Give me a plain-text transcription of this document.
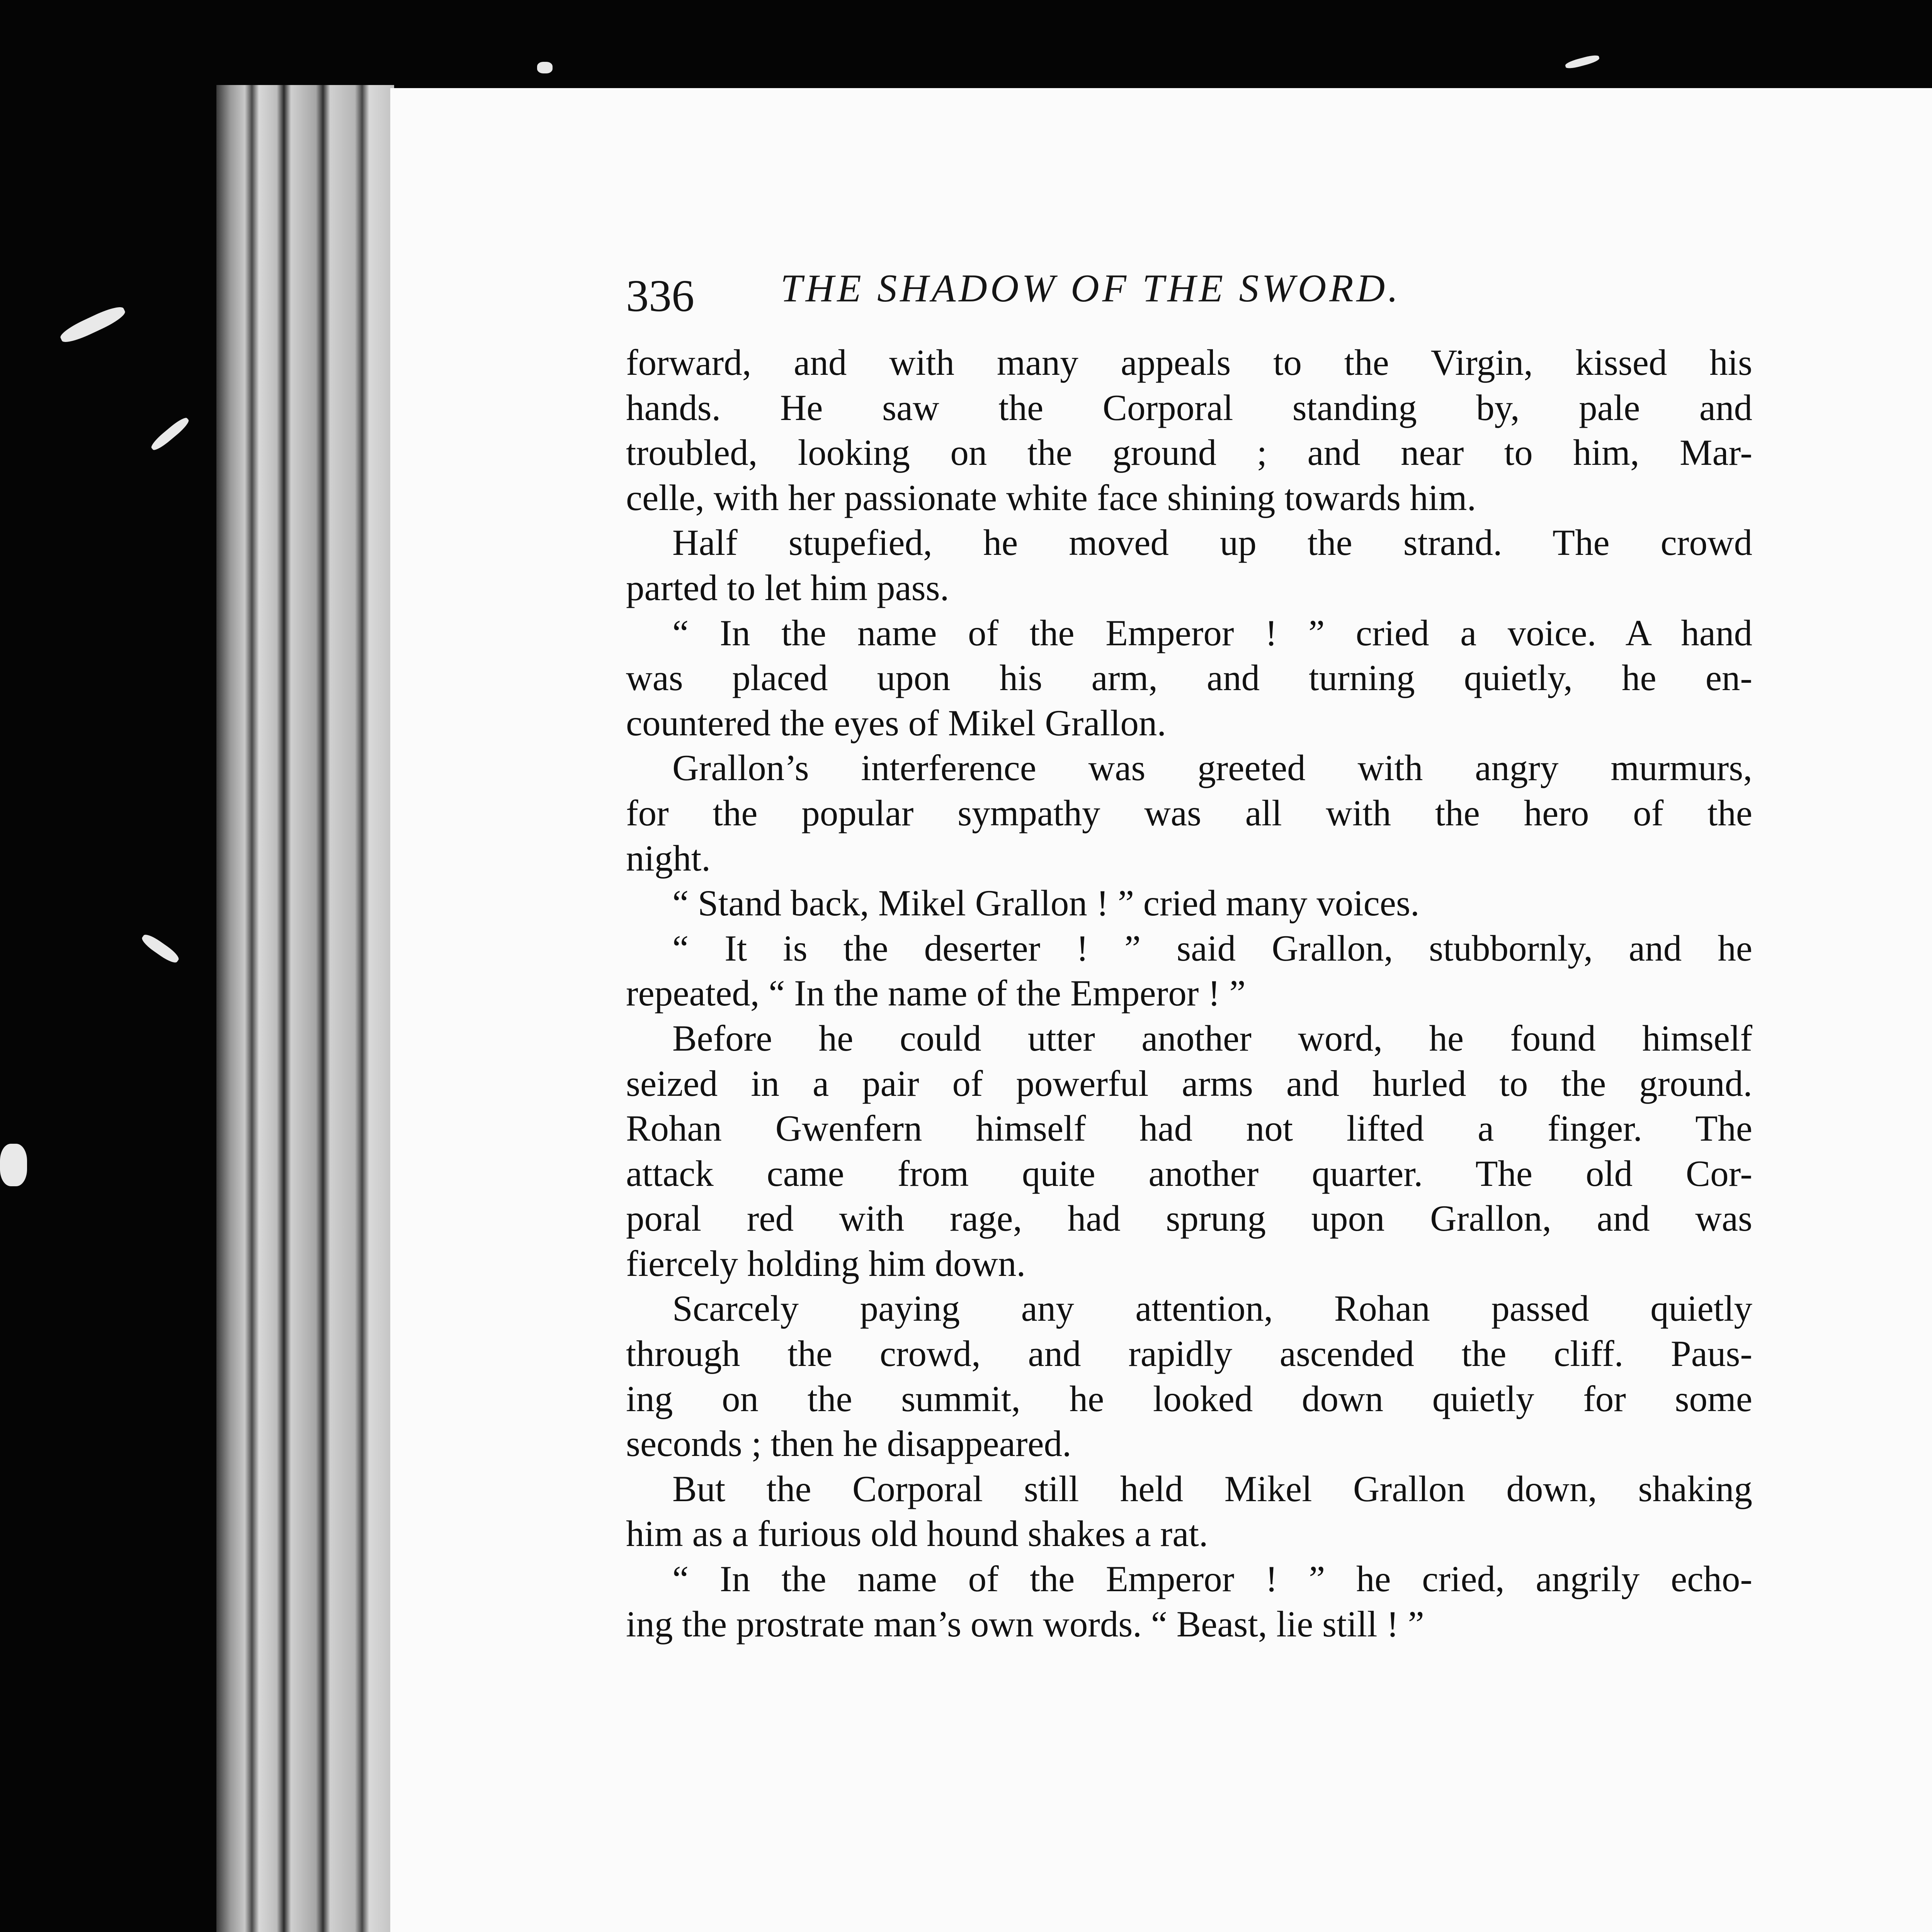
336 THE SHADOW OF THE SWORD.
forward, and with many appeals to the Virgin, kissed his
hands. He saw the Corporal standing by, pale and
troubled, looking on the ground ; and near to him, Mar-
celle, with her passionate white face shining towards him.
Half stupefied, he moved up the strand. The crowd
parted to let him pass.
“ In the name of the Emperor ! ” cried a voice. A hand
was placed upon his arm, and turning quietly, he en-
countered the eyes of Mikel Grallon.
Grallon’s interference was greeted with angry murmurs,
for the popular sympathy was all with the hero of the
night.
“ Stand back, Mikel Grallon ! ” cried many voices.
“ It is the deserter ! ” said Grallon, stubbornly, and he
repeated, “ In the name of the Emperor ! ”
Before he could utter another word, he found himself
seized in a pair of powerful arms and hurled to the ground.
Rohan Gwenfern himself had not lifted a finger. The
attack came from quite another quarter. The old Cor-
poral red with rage, had sprung upon Grallon, and was
fiercely holding him down.
Scarcely paying any attention, Rohan passed quietly
through the crowd, and rapidly ascended the cliff. Paus-
ing on the summit, he looked down quietly for some
seconds ; then he disappeared.
But the Corporal still held Mikel Grallon down, shaking
him as a furious old hound shakes a rat.
“ In the name of the Emperor ! ” he cried, angrily echo-
ing the prostrate man’s own words. “ Beast, lie still ! ”
